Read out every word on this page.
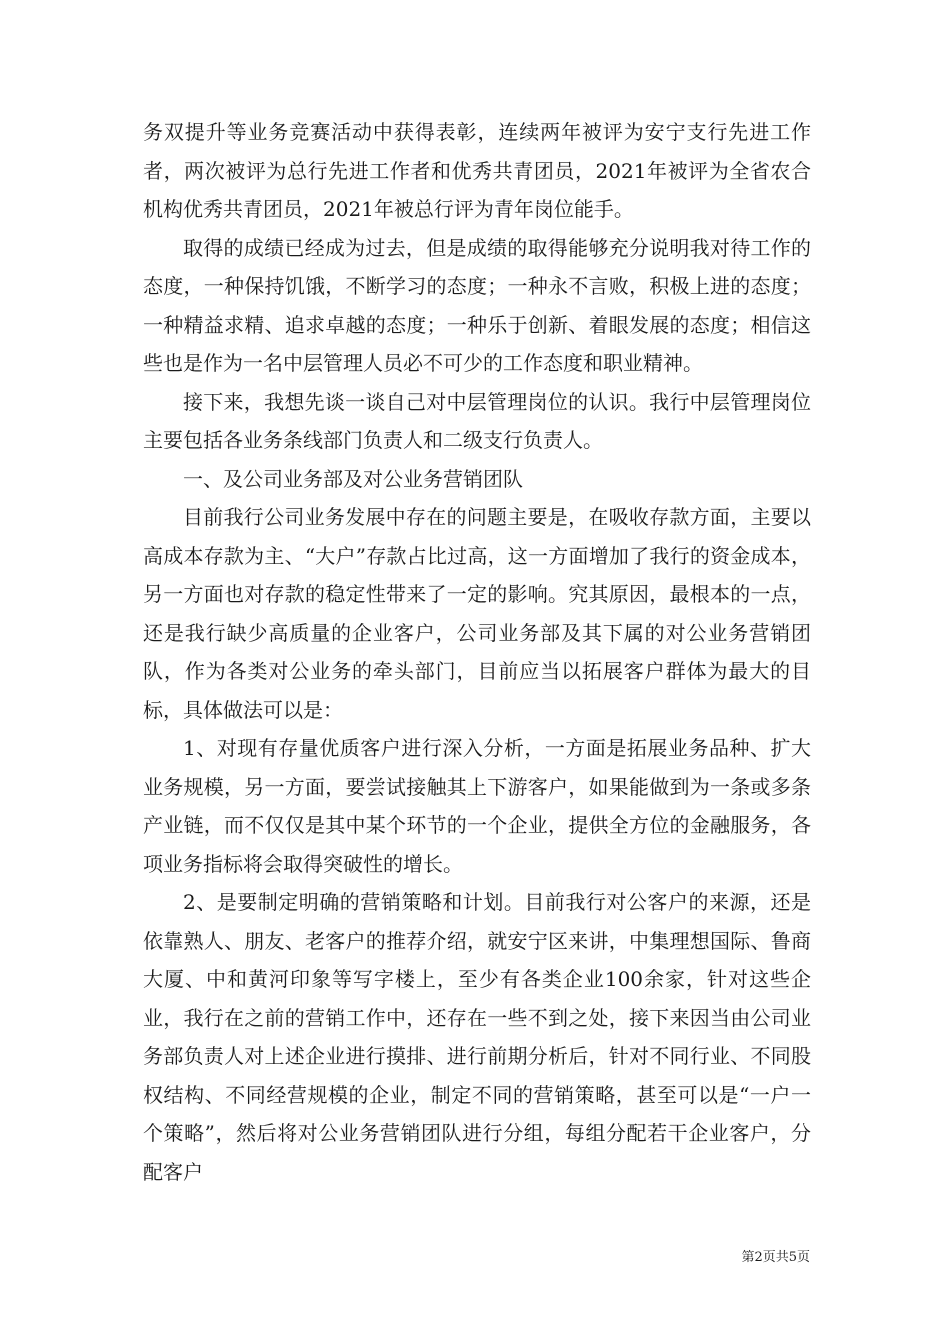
务双提升等业务竞赛活动中获得表彰，连续两年被评为安宁支行先进工作者，两次被评为总行先进工作者和优秀共青团员，2021年被评为全省农合机构优秀共青团员，2021年被总行评为青年岗位能手。

取得的成绩已经成为过去，但是成绩的取得能够充分说明我对待工作的态度，一种保持饥饿，不断学习的态度；一种永不言败，积极上进的态度；一种精益求精、追求卓越的态度；一种乐于创新、着眼发展的态度；相信这些也是作为一名中层管理人员必不可少的工作态度和职业精神。

接下来，我想先谈一谈自己对中层管理岗位的认识。我行中层管理岗位主要包括各业务条线部门负责人和二级支行负责人。

一、及公司业务部及对公业务营销团队

目前我行公司业务发展中存在的问题主要是，在吸收存款方面，主要以高成本存款为主、“大户”存款占比过高，这一方面增加了我行的资金成本，另一方面也对存款的稳定性带来了一定的影响。究其原因，最根本的一点，还是我行缺少高质量的企业客户，公司业务部及其下属的对公业务营销团队，作为各类对公业务的牵头部门，目前应当以拓展客户群体为最大的目标，具体做法可以是：

1、对现有存量优质客户进行深入分析，一方面是拓展业务品种、扩大业务规模，另一方面，要尝试接触其上下游客户，如果能做到为一条或多条产业链，而不仅仅是其中某个环节的一个企业，提供全方位的金融服务，各项业务指标将会取得突破性的增长。

2、是要制定明确的营销策略和计划。目前我行对公客户的来源，还是依靠熟人、朋友、老客户的推荐介绍，就安宁区来讲，中集理想国际、鲁商大厦、中和黄河印象等写字楼上，至少有各类企业100余家，针对这些企业，我行在之前的营销工作中，还存在一些不到之处，接下来因当由公司业务部负责人对上述企业进行摸排、进行前期分析后，针对不同行业、不同股权结构、不同经营规模的企业，制定不同的营销策略，甚至可以是“一户一个策略”，然后将对公业务营销团队进行分组，每组分配若干企业客户，分配客户

第2页共5页
